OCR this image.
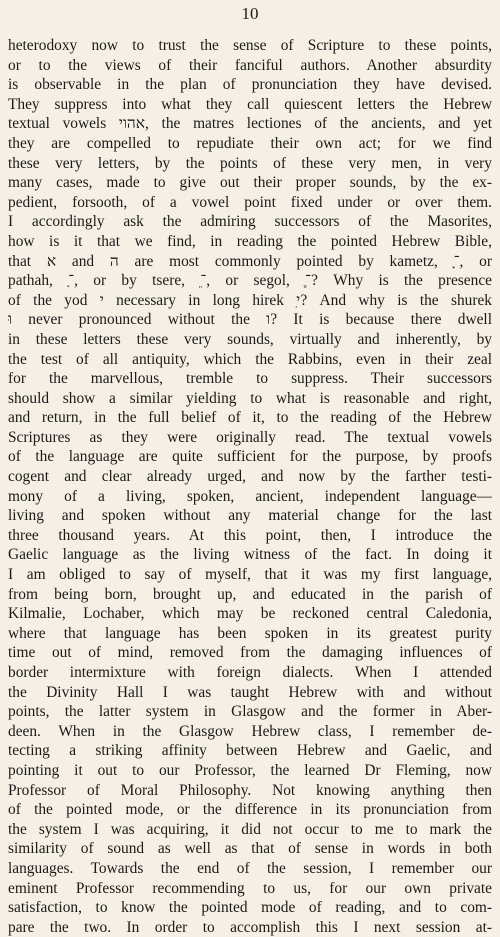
10
heterodoxy now to trust the sense of Scripture to these points,
or to the views of their fanciful authors. Another absurdity
is observable in the plan of pronunciation they have devised.
They suppress into what they call quiescent letters the Hebrew
textual vowels אהוי, the matres lectiones of the ancients, and yet
they are compelled to repudiate their own act; for we find
these very letters, by the points of these very men, in very
many cases, made to give out their proper sounds, by the ex-
pedient, forsooth, of a vowel point fixed under or over them.
I accordingly ask the admiring successors of the Masorites,
how is it that we find, in reading the pointed Hebrew Bible,
that א and ה are most commonly pointed by kametz, ־ָ, or
pathah, ־ַ, or by tsere, ־ֵ, or segol, ־ֶ? Why is the presence
of the yod י necessary in long hirek ִי? And why is the shurek
וּ never pronounced without the ו? It is because there dwell
in these letters these very sounds, virtually and inherently, by
the test of all antiquity, which the Rabbins, even in their zeal
for the marvellous, tremble to suppress. Their successors
should show a similar yielding to what is reasonable and right,
and return, in the full belief of it, to the reading of the Hebrew
Scriptures as they were originally read. The textual vowels
of the language are quite sufficient for the purpose, by proofs
cogent and clear already urged, and now by the farther testi-
mony of a living, spoken, ancient, independent language—
living and spoken without any material change for the last
three thousand years. At this point, then, I introduce the
Gaelic language as the living witness of the fact. In doing it
I am obliged to say of myself, that it was my first language,
from being born, brought up, and educated in the parish of
Kilmalie, Lochaber, which may be reckoned central Caledonia,
where that language has been spoken in its greatest purity
time out of mind, removed from the damaging influences of
border intermixture with foreign dialects. When I attended
the Divinity Hall I was taught Hebrew with and without
points, the latter system in Glasgow and the former in Aber-
deen. When in the Glasgow Hebrew class, I remember de-
tecting a striking affinity between Hebrew and Gaelic, and
pointing it out to our Professor, the learned Dr Fleming, now
Professor of Moral Philosophy. Not knowing anything then
of the pointed mode, or the difference in its pronunciation from
the system I was acquiring, it did not occur to me to mark the
similarity of sound as well as that of sense in words in both
languages. Towards the end of the session, I remember our
eminent Professor recommending to us, for our own private
satisfaction, to know the pointed mode of reading, and to com-
pare the two. In order to accomplish this I next session at-
